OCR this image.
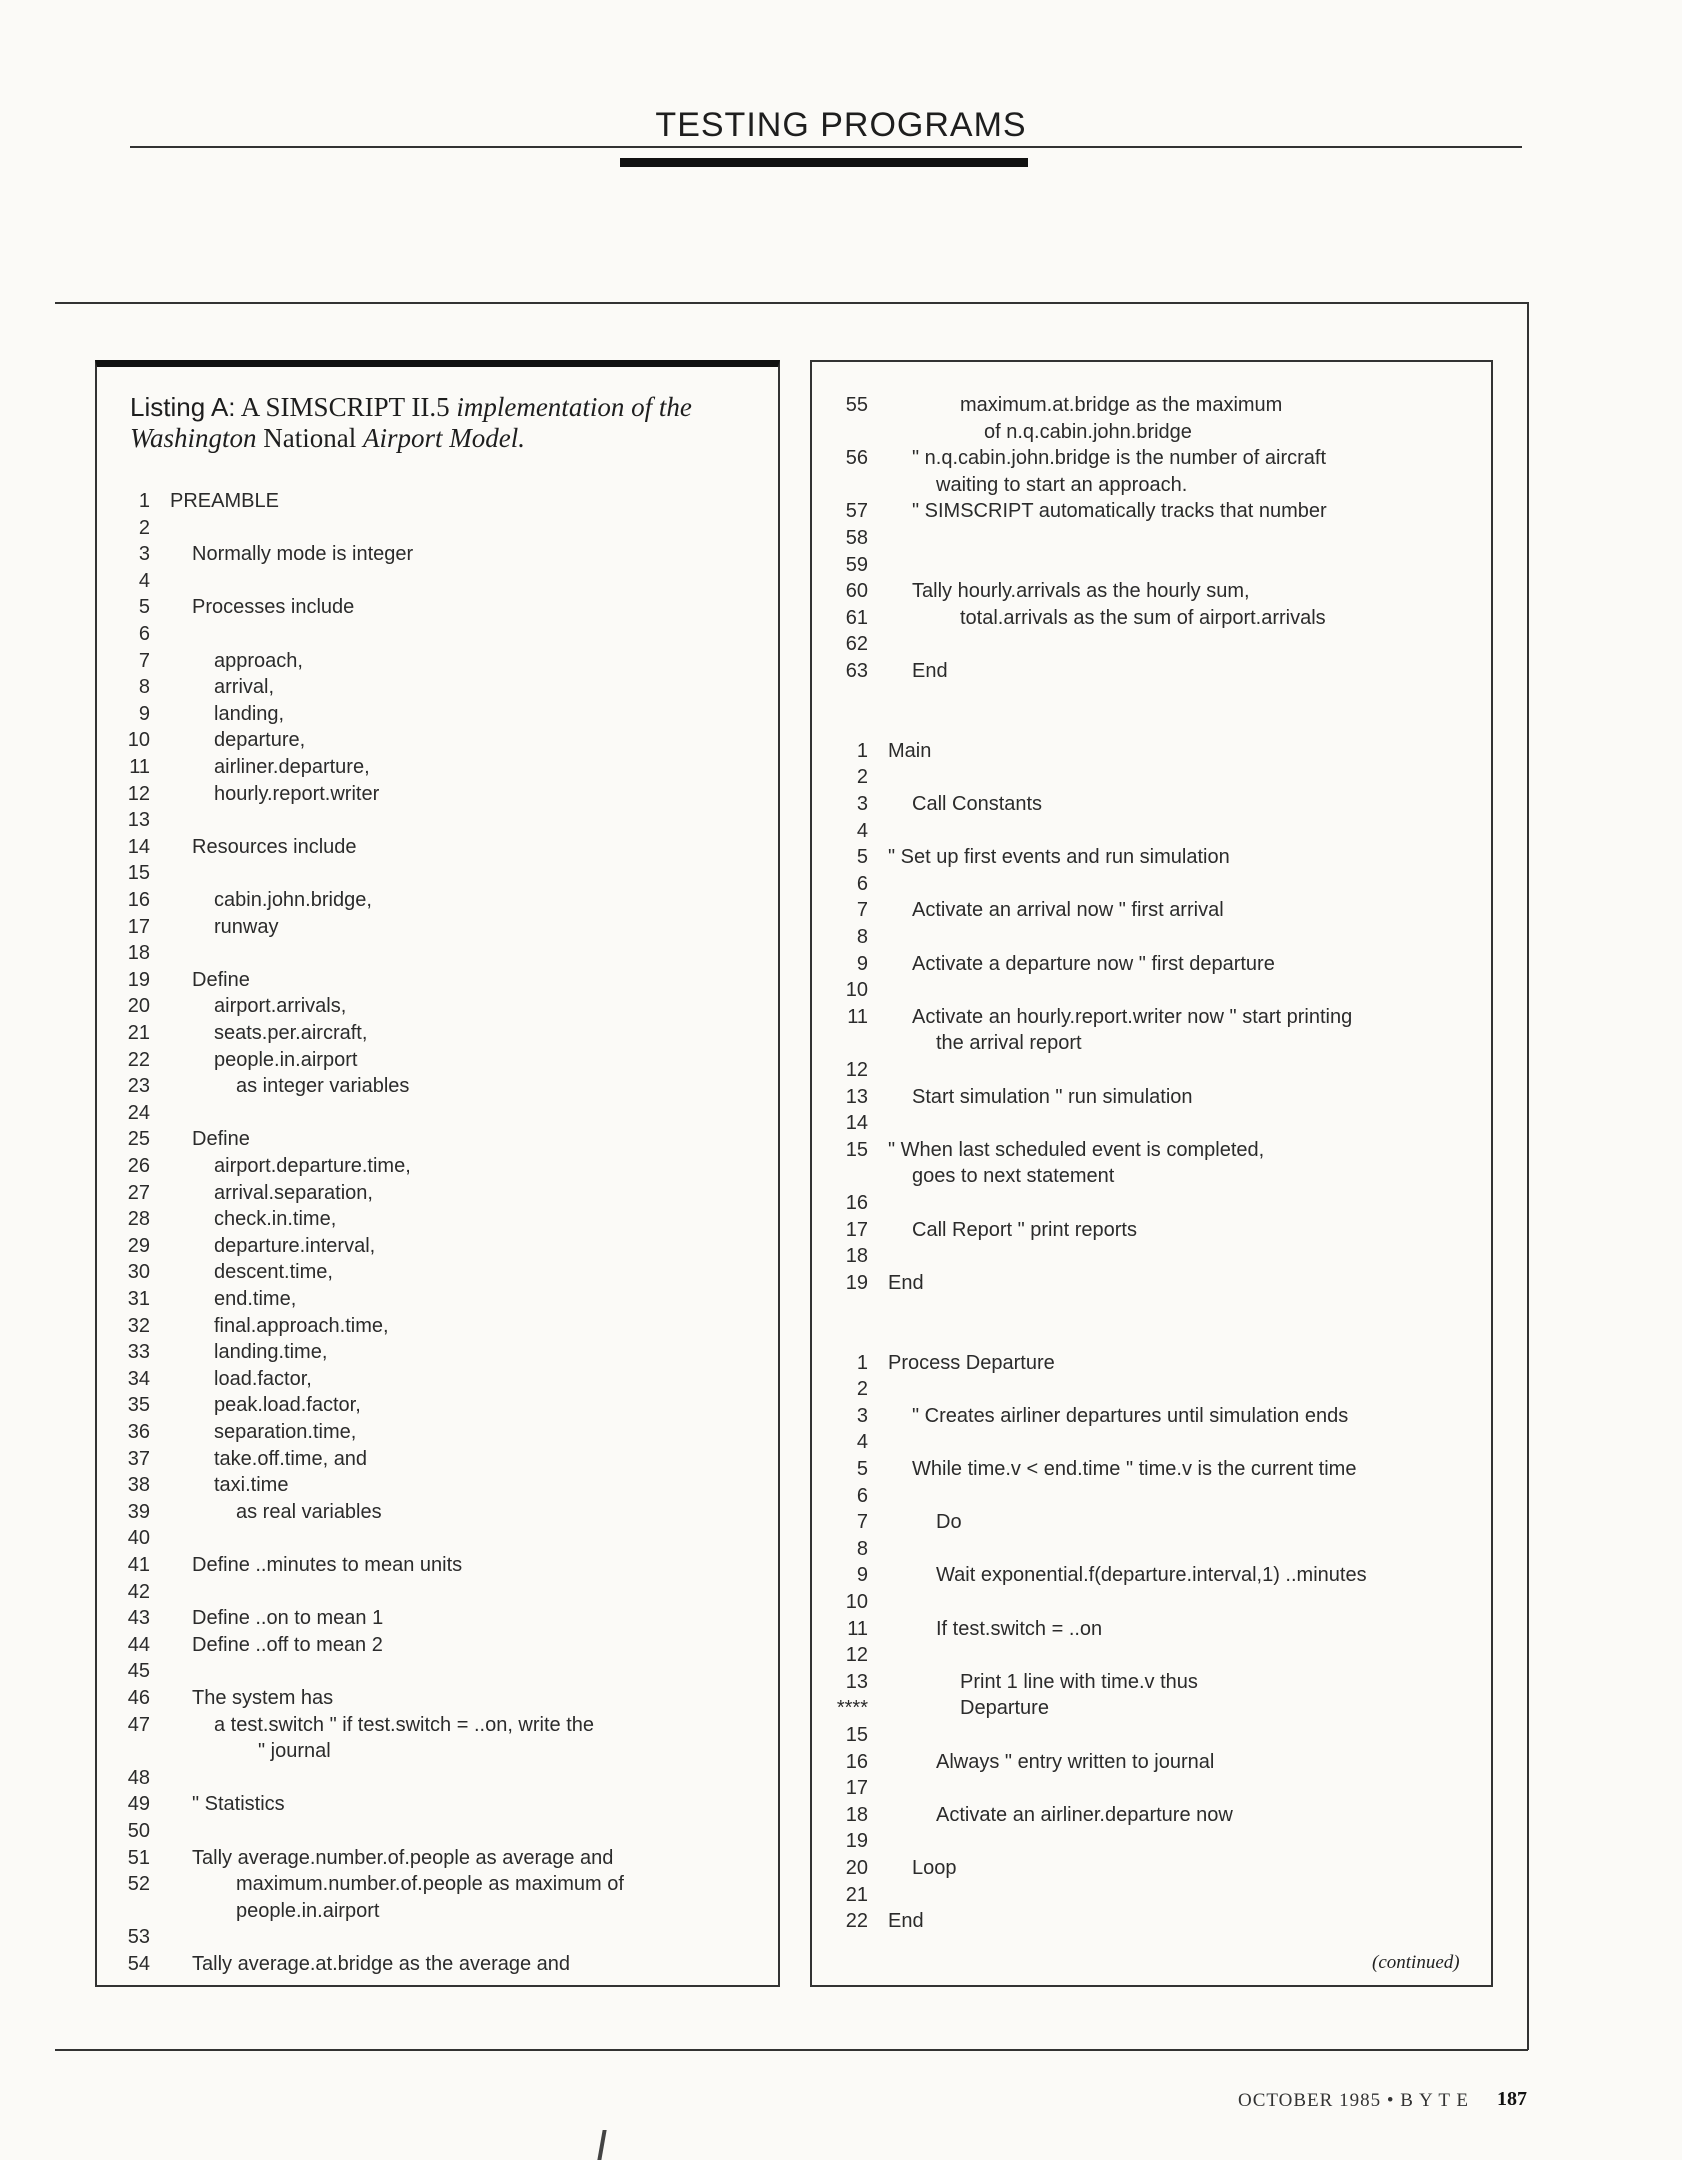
TESTING PROGRAMS
Listing A: A SIMSCRIPT II.5 implementation of the
Washington National Airport Model.
1 PREAMBLE
2
3 Normally mode is integer
4
5 Processes include
6
7	approach,
8	arrival,
9	landing,
10	departure,
11	airliner.departure,
12	hourly.report.writer
13
14 Resources include
15
16	cabin.john.bridge,
17	runway
18
19 Define
20	airport.arrivals,
21	seats.per.aircraft,
22	people.in.airport
23	as integer variables
24
25 Define
26	airport.departure.time,
27	arrival.separation,
28	check.in.time,
29	departure.interval,
30	descent.time,
31	end.time,
32	final.approach.time,
33	landing.time,
34	load.factor,
35	peak.load.factor,
36	separation.time,
37	take.off.time, and
38	taxi.time
39	as real variables
40
41 Define ..minutes to mean units
42
43 Define ..on to mean 1
44 Define ..off to mean 2
45
46 The system has
47	a test.switch " if test.switch = ..on, write the
" journal
48
49 " Statistics
50
51 Tally average.number.of.people as average and
52	maximum.number.of.people as maximum of
people.in.airport
53
54 Tally average.at.bridge as the average and
55	maximum.at.bridge as the maximum
of n.q.cabin.john.bridge
56 " n.q.cabin.john.bridge is the number of aircraft
waiting to start an approach.
57 " SIMSCRIPT automatically tracks that number
58
59
60 Tally hourly.arrivals as the hourly sum,
61	total.arrivals as the sum of airport.arrivals
62
63 End
1 Main
2
3 Call Constants
4
5 " Set up first events and run simulation
6
7 Activate an arrival now " first arrival
8
9 Activate a departure now " first departure
10
11 Activate an hourly.report.writer now " start printing
the arrival report
12
13 Start simulation " run simulation
14
15 " When last scheduled event is completed,
goes to next statement
16
17 Call Report " print reports
18
19 End
1 Process Departure
2
3 " Creates airliner departures until simulation ends
4
5 While time.v < end.time " time.v is the current time
6
7	Do
8
9	Wait exponential.f(departure.interval,1) ..minutes
10
11	If test.switch = ..on
12
13	Print 1 line with time.v thus
****	Departure
15
16	Always " entry written to journal
17
18	Activate an airliner.departure now
19
20 Loop
21
22 End
(continued)
OCTOBER 1985 • B Y T E 187
